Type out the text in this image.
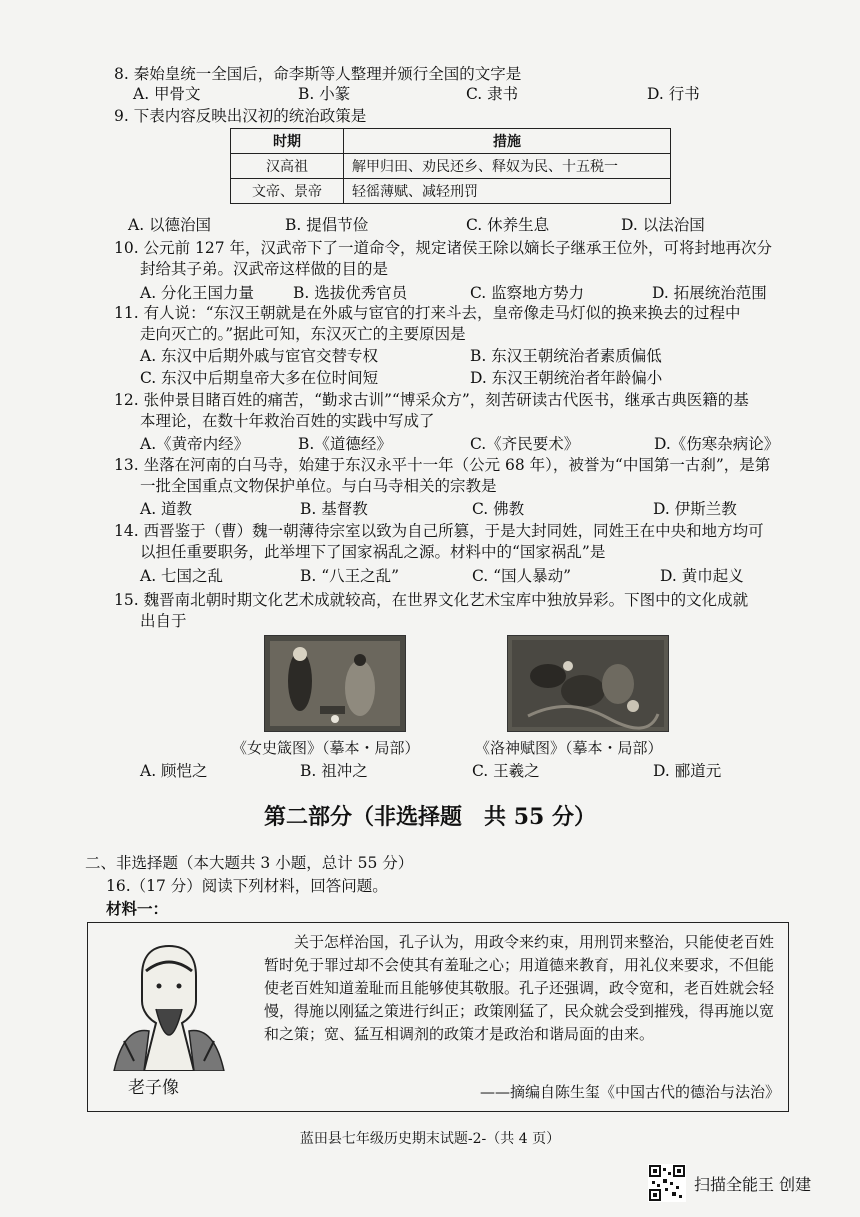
8. 秦始皇统一全国后，命李斯等人整理并颁行全国的文字是
A. 甲骨文	B. 小篆	C. 隶书	D. 行书
9. 下表内容反映出汉初的统治政策是
时期	措施
汉高祖	解甲归田、劝民还乡、释奴为民、十五税一
文帝、景帝	轻徭薄赋、减轻刑罚
A. 以德治国	B. 提倡节俭	C. 休养生息	D. 以法治国
10. 公元前 127 年，汉武帝下了一道命令，规定诸侯王除以嫡长子继承王位外，可将封地再次分
封给其子弟。汉武帝这样做的目的是
A. 分化王国力量	B. 选拔优秀官员	C. 监察地方势力	D. 拓展统治范围
11. 有人说：“东汉王朝就是在外戚与宦官的打来斗去，皇帝像走马灯似的换来换去的过程中
走向灭亡的。”据此可知，东汉灭亡的主要原因是
A. 东汉中后期外戚与宦官交替专权	B. 东汉王朝统治者素质偏低
C. 东汉中后期皇帝大多在位时间短	D. 东汉王朝统治者年龄偏小
12. 张仲景目睹百姓的痛苦，“勤求古训”“博采众方”，刻苦研读古代医书，继承古典医籍的基
本理论，在数十年救治百姓的实践中写成了
A.《黄帝内经》	B.《道德经》	C.《齐民要术》	D.《伤寒杂病论》
13. 坐落在河南的白马寺，始建于东汉永平十一年（公元 68 年），被誉为“中国第一古刹”，是第
一批全国重点文物保护单位。与白马寺相关的宗教是
A. 道教	B. 基督教	C. 佛教	D. 伊斯兰教
14. 西晋鉴于（曹）魏一朝薄待宗室以致为自己所篡，于是大封同姓，同姓王在中央和地方均可
以担任重要职务，此举埋下了国家祸乱之源。材料中的“国家祸乱”是
A. 七国之乱	B. “八王之乱”	C. “国人暴动”	D. 黄巾起义
15. 魏晋南北朝时期文化艺术成就较高，在世界文化艺术宝库中独放异彩。下图中的文化成就
出自于
《女史箴图》（摹本・局部）	《洛神赋图》（摹本・局部）
A. 顾恺之	B. 祖冲之	C. 王羲之	D. 郦道元
第二部分（非选择题　共 55 分）
二、非选择题（本大题共 3 小题，总计 55 分）
16.（17 分）阅读下列材料，回答问题。
材料一：
老子像
关于怎样治国，孔子认为，用政令来约束，用刑罚来整治，只能使老百姓暂时免于罪过却不会使其有羞耻之心；用道德来教育，用礼仪来要求，不但能使老百姓知道羞耻而且能够使其敬服。孔子还强调，政令宽和，老百姓就会轻慢，得施以刚猛之策进行纠正；政策刚猛了，民众就会受到摧残，得再施以宽和之策；宽、猛互相调剂的政策才是政治和谐局面的由来。
——摘编自陈生玺《中国古代的德治与法治》
蓝田县七年级历史期末试题-2-（共 4 页）
扫描全能王 创建
